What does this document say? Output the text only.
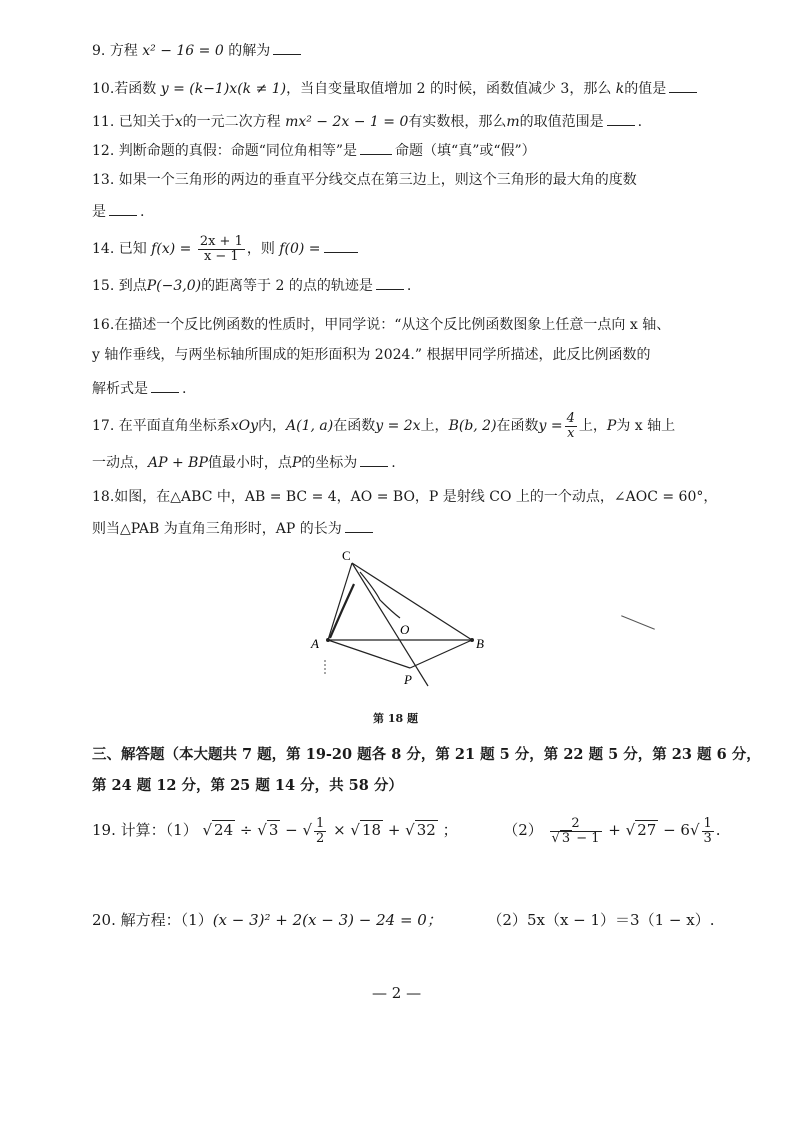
9. 方程 x² − 16 = 0 的解为
10.若函数 y = (k−1)x(k ≠ 1)，当自变量取值增加 2 的时候，函数值减少 3，那么 k的值是
11. 已知关于x的一元二次方程 mx² − 2x − 1 = 0有实数根，那么m的取值范围是 .
12. 判断命题的真假：命题“同位角相等”是	命题（填“真”或“假”）
13. 如果一个三角形的两边的垂直平分线交点在第三边上，则这个三角形的最大角的度数
是 .
14. 已知 $f(x) = \frac{2x + 1}{x - 1}$ ，则 f(0) =
15. 到点P(−3,0)的距离等于 2 的点的轨迹是 .
16.在描述一个反比例函数的性质时，甲同学说：“从这个反比例函数图象上任意一点向 x 轴、
y 轴作垂线，与两坐标轴所围成的矩形面积为 2024.” 根据甲同学所描述，此反比例函数的
解析式是 .
17. 在平面直角坐标系xOy内，A(1, a)在函数y = 2x上，B(b, 2)在函数$y = \frac{4}{x}$ 上，P为 x 轴上
一动点，AP + BP值最小时，点P的坐标为 .
18.如图，在△ABC 中，AB = BC = 4，AO = BO，P 是射线 CO 上的一个动点，∠AOC = 60°，
则当△PAB 为直角三角形时，AP 的长为
C
A	B
O
P
第 18 题
三、解答题（本大题共 7 题，第 19-20 题各 8 分，第 21 题 5 分，第 22 题 5 分，第 23 题 6 分，
第 24 题 12 分，第 25 题 14 分，共 58 分）
19. 计算：（1） √ 24 ÷ √ 3 − √ $\frac{1}{2}$ × √ 18 + √ 32 ；	$(2) \frac{2}{√ 3 - 1}$ + √ $27 - 6√ \frac{1}{3}$ .
20. 解方程：（1）(x − 3)² + 2(x − 3) − 24 = 0；	（2）5x（x − 1）＝3（1 − x）.
— 2 —
